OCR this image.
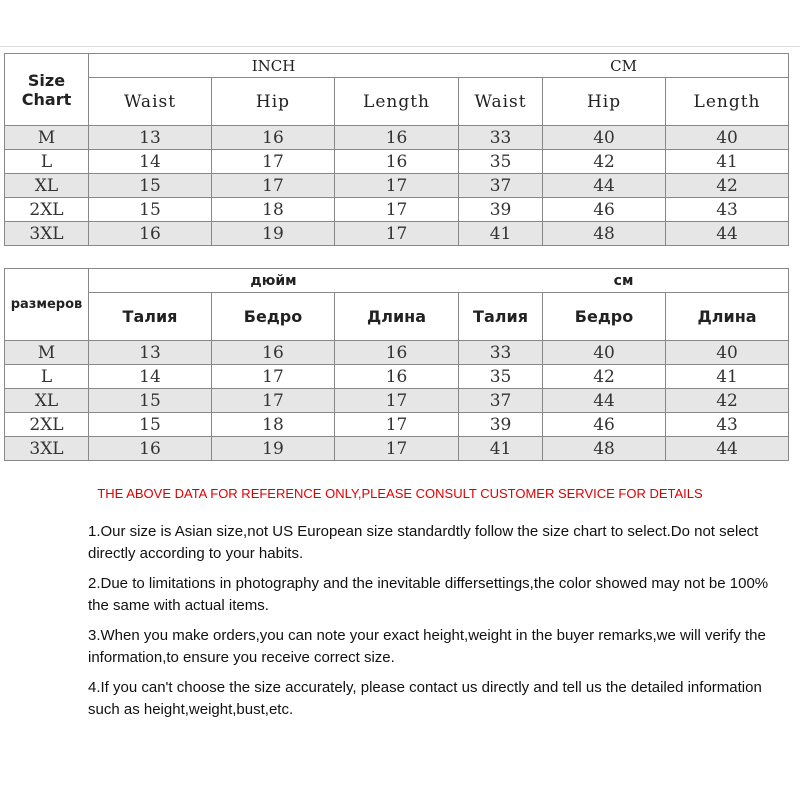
Size Chart	INCH			CM		
	Waist	Hip	Length	Waist	Hip	Length
M	13	16	16	33	40	40
L	14	17	16	35	42	41
XL	15	17	17	37	44	42
2XL	15	18	17	39	46	43
3XL	16	19	17	41	48	44
размеров	дюйм			см		
	Талия	Бедро	Длина	Талия	Бедро	Длина
M	13	16	16	33	40	40
L	14	17	16	35	42	41
XL	15	17	17	37	44	42
2XL	15	18	17	39	46	43
3XL	16	19	17	41	48	44
THE ABOVE DATA FOR REFERENCE ONLY,PLEASE CONSULT CUSTOMER SERVICE FOR DETAILS

1.Our size is Asian size,not US European size standardtly follow the size chart to select.Do not select directly according to your habits.

2.Due to limitations in photography and the inevitable differsettings,the color showed may not be 100% the same with actual items.

3.When you make orders,you can note your exact height,weight in the buyer remarks,we will verify the information,to ensure you receive correct size.

4.If you can't choose the size accurately, please contact us directly and tell us the detailed information such as height,weight,bust,etc.
